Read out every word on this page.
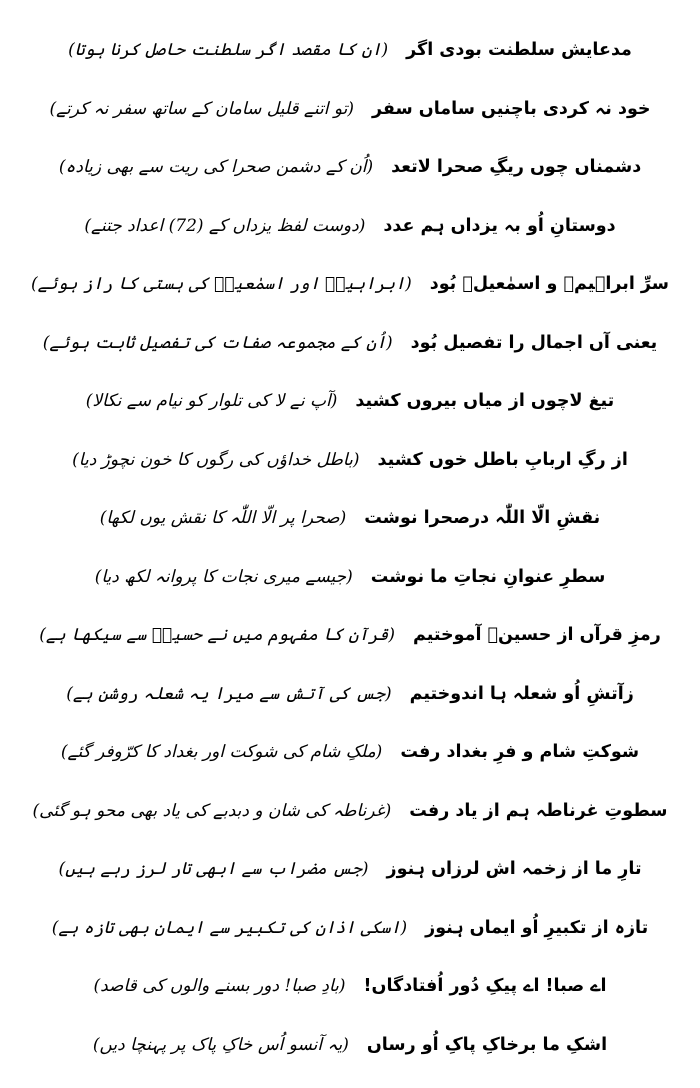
مدعایش سلطنت بودی اگر(ان کا مقصد اگر سلطنت حاصل کرنا ہوتا)
خود نہ کردی باچنیں ساماں سفر(تو اتنے قلیل سامان کے ساتھ سفر نہ کرتے)
دشمناں چوں ریگِ صحرا لاتعد(اُن کے دشمن صحرا کی ریت سے بھی زیادہ)
دوستانِ اُو بہ یزداں ہم عدد(دوست لفظ یزداں کے (72) اعداد جتنے)
سرِّ ابراہیمؑ و اسمٰعیلؑ بُود(ابراہیمؑ اور اسمٰعیلؑ کی ہستی کا راز ہوئے)
یعنی آں اجمال را تفصیل بُود(اُن کے مجموعہ صفات کی تفصیل ثابت ہوئے)
تیغ لاچوں از میاں بیروں کشید(آپ نے لا کی تلوار کو نیام سے نکالا)
از رگِ اربابِ باطل خوں کشید(باطل خداؤں کی رگوں کا خون نچوڑ دیا)
نقشِ الّا اللّٰہ درصحرا نوشت(صحرا پر الّا اللّٰہ کا نقش یوں لکھا)
سطرِ عنوانِ نجاتِ ما نوشت(جیسے میری نجات کا پروانہ لکھ دیا)
رمزِ قرآں از حسینؑ آموختیم(قرآن کا مفہوم میں نے حسینؑ سے سیکھا ہے)
زآتشِ اُو شعلہ ہا اندوختیم(جس کی آتش سے میرا یہ شعلہ روشن ہے)
شوکتِ شام و فرِ بغداد رفت(ملکِ شام کی شوکت اور بغداد کا کرّوفر گئے)
سطوتِ غرناطہ ہم از یاد رفت(غرناطہ کی شان و دبدبے کی یاد بھی محو ہو گئی)
تارِ ما از زخمہ اش لرزاں ہنوز(جس مضراب سے ابھی تار لرز رہے ہیں)
تازہ از تکبیرِ اُو ایماں ہنوز(اسکی اذان کی تکبیر سے ایمان بھی تازہ ہے)
اے صبا! اے پیکِ دُور اُفتادگاں!(بادِ صبا! دور بسنے والوں کی قاصد)
اشکِ ما برخاکِ پاکِ اُو رساں(یہ آنسو اُس خاکِ پاک پر پہنچا دیں)
